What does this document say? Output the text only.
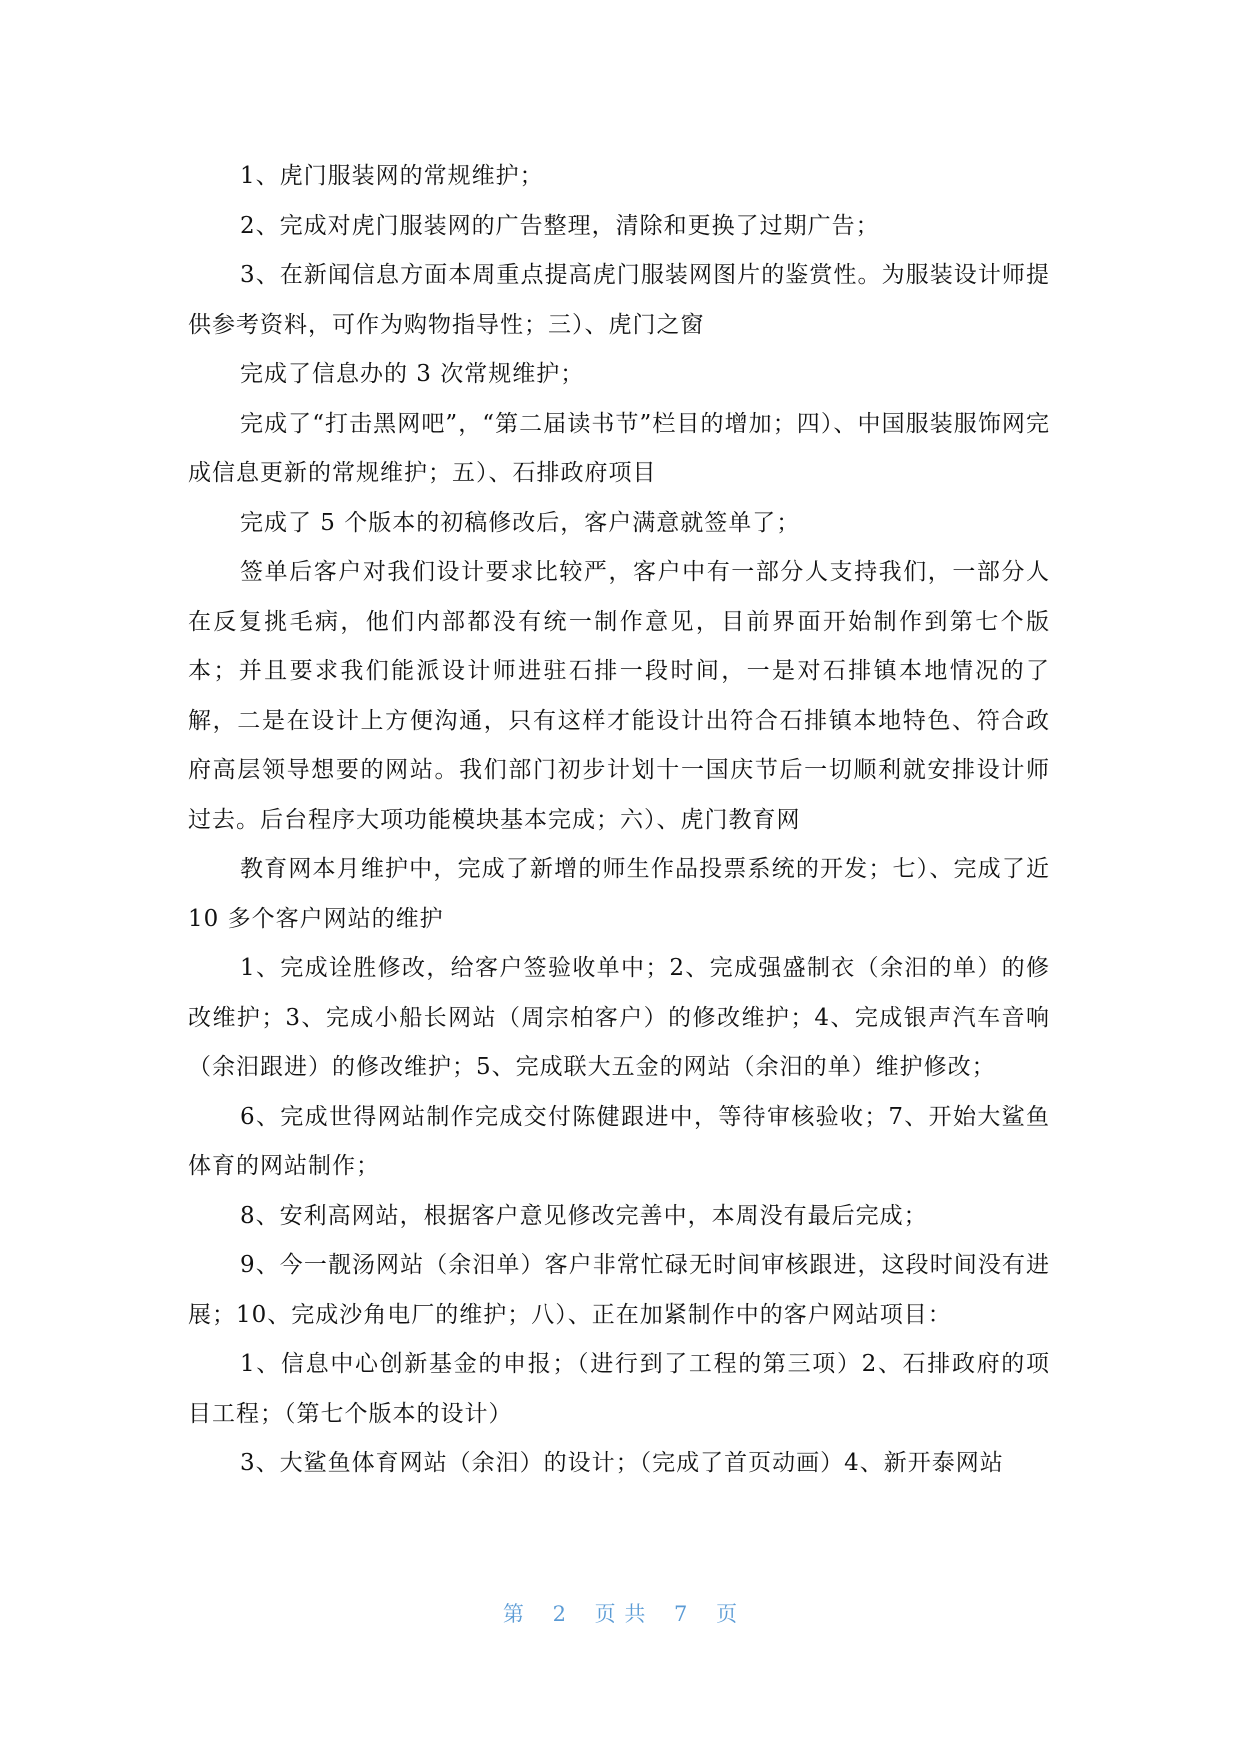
1、虎门服装网的常规维护；

2、完成对虎门服装网的广告整理，清除和更换了过期广告；

3、在新闻信息方面本周重点提高虎门服装网图片的鉴赏性。为服装设计师提供参考资料，可作为购物指导性；三）、虎门之窗

完成了信息办的 3 次常规维护；

完成了“打击黑网吧”，“第二届读书节”栏目的增加；四）、中国服装服饰网完成信息更新的常规维护；五）、石排政府项目

完成了 5 个版本的初稿修改后，客户满意就签单了；

签单后客户对我们设计要求比较严，客户中有一部分人支持我们，一部分人在反复挑毛病，他们内部都没有统一制作意见，目前界面开始制作到第七个版本；并且要求我们能派设计师进驻石排一段时间，一是对石排镇本地情况的了解，二是在设计上方便沟通，只有这样才能设计出符合石排镇本地特色、符合政府高层领导想要的网站。我们部门初步计划十一国庆节后一切顺利就安排设计师过去。后台程序大项功能模块基本完成；六）、虎门教育网

教育网本月维护中，完成了新增的师生作品投票系统的开发；七）、完成了近 10 多个客户网站的维护

1、完成诠胜修改，给客户签验收单中；2、完成强盛制衣（余汨的单）的修改维护；3、完成小船长网站（周宗柏客户）的修改维护；4、完成银声汽车音响（余汨跟进）的修改维护；5、完成联大五金的网站（余汨的单）维护修改；

6、完成世得网站制作完成交付陈健跟进中，等待审核验收；7、开始大鲨鱼体育的网站制作；

8、安利高网站，根据客户意见修改完善中，本周没有最后完成；

9、今一靓汤网站（余汨单）客户非常忙碌无时间审核跟进，这段时间没有进展；10、完成沙角电厂的维护；八）、正在加紧制作中的客户网站项目：

1、信息中心创新基金的申报；（进行到了工程的第三项）2、石排政府的项目工程；（第七个版本的设计）

3、大鲨鱼体育网站（余汨）的设计；（完成了首页动画）4、新开泰网站

第 2 页 共 7 页
